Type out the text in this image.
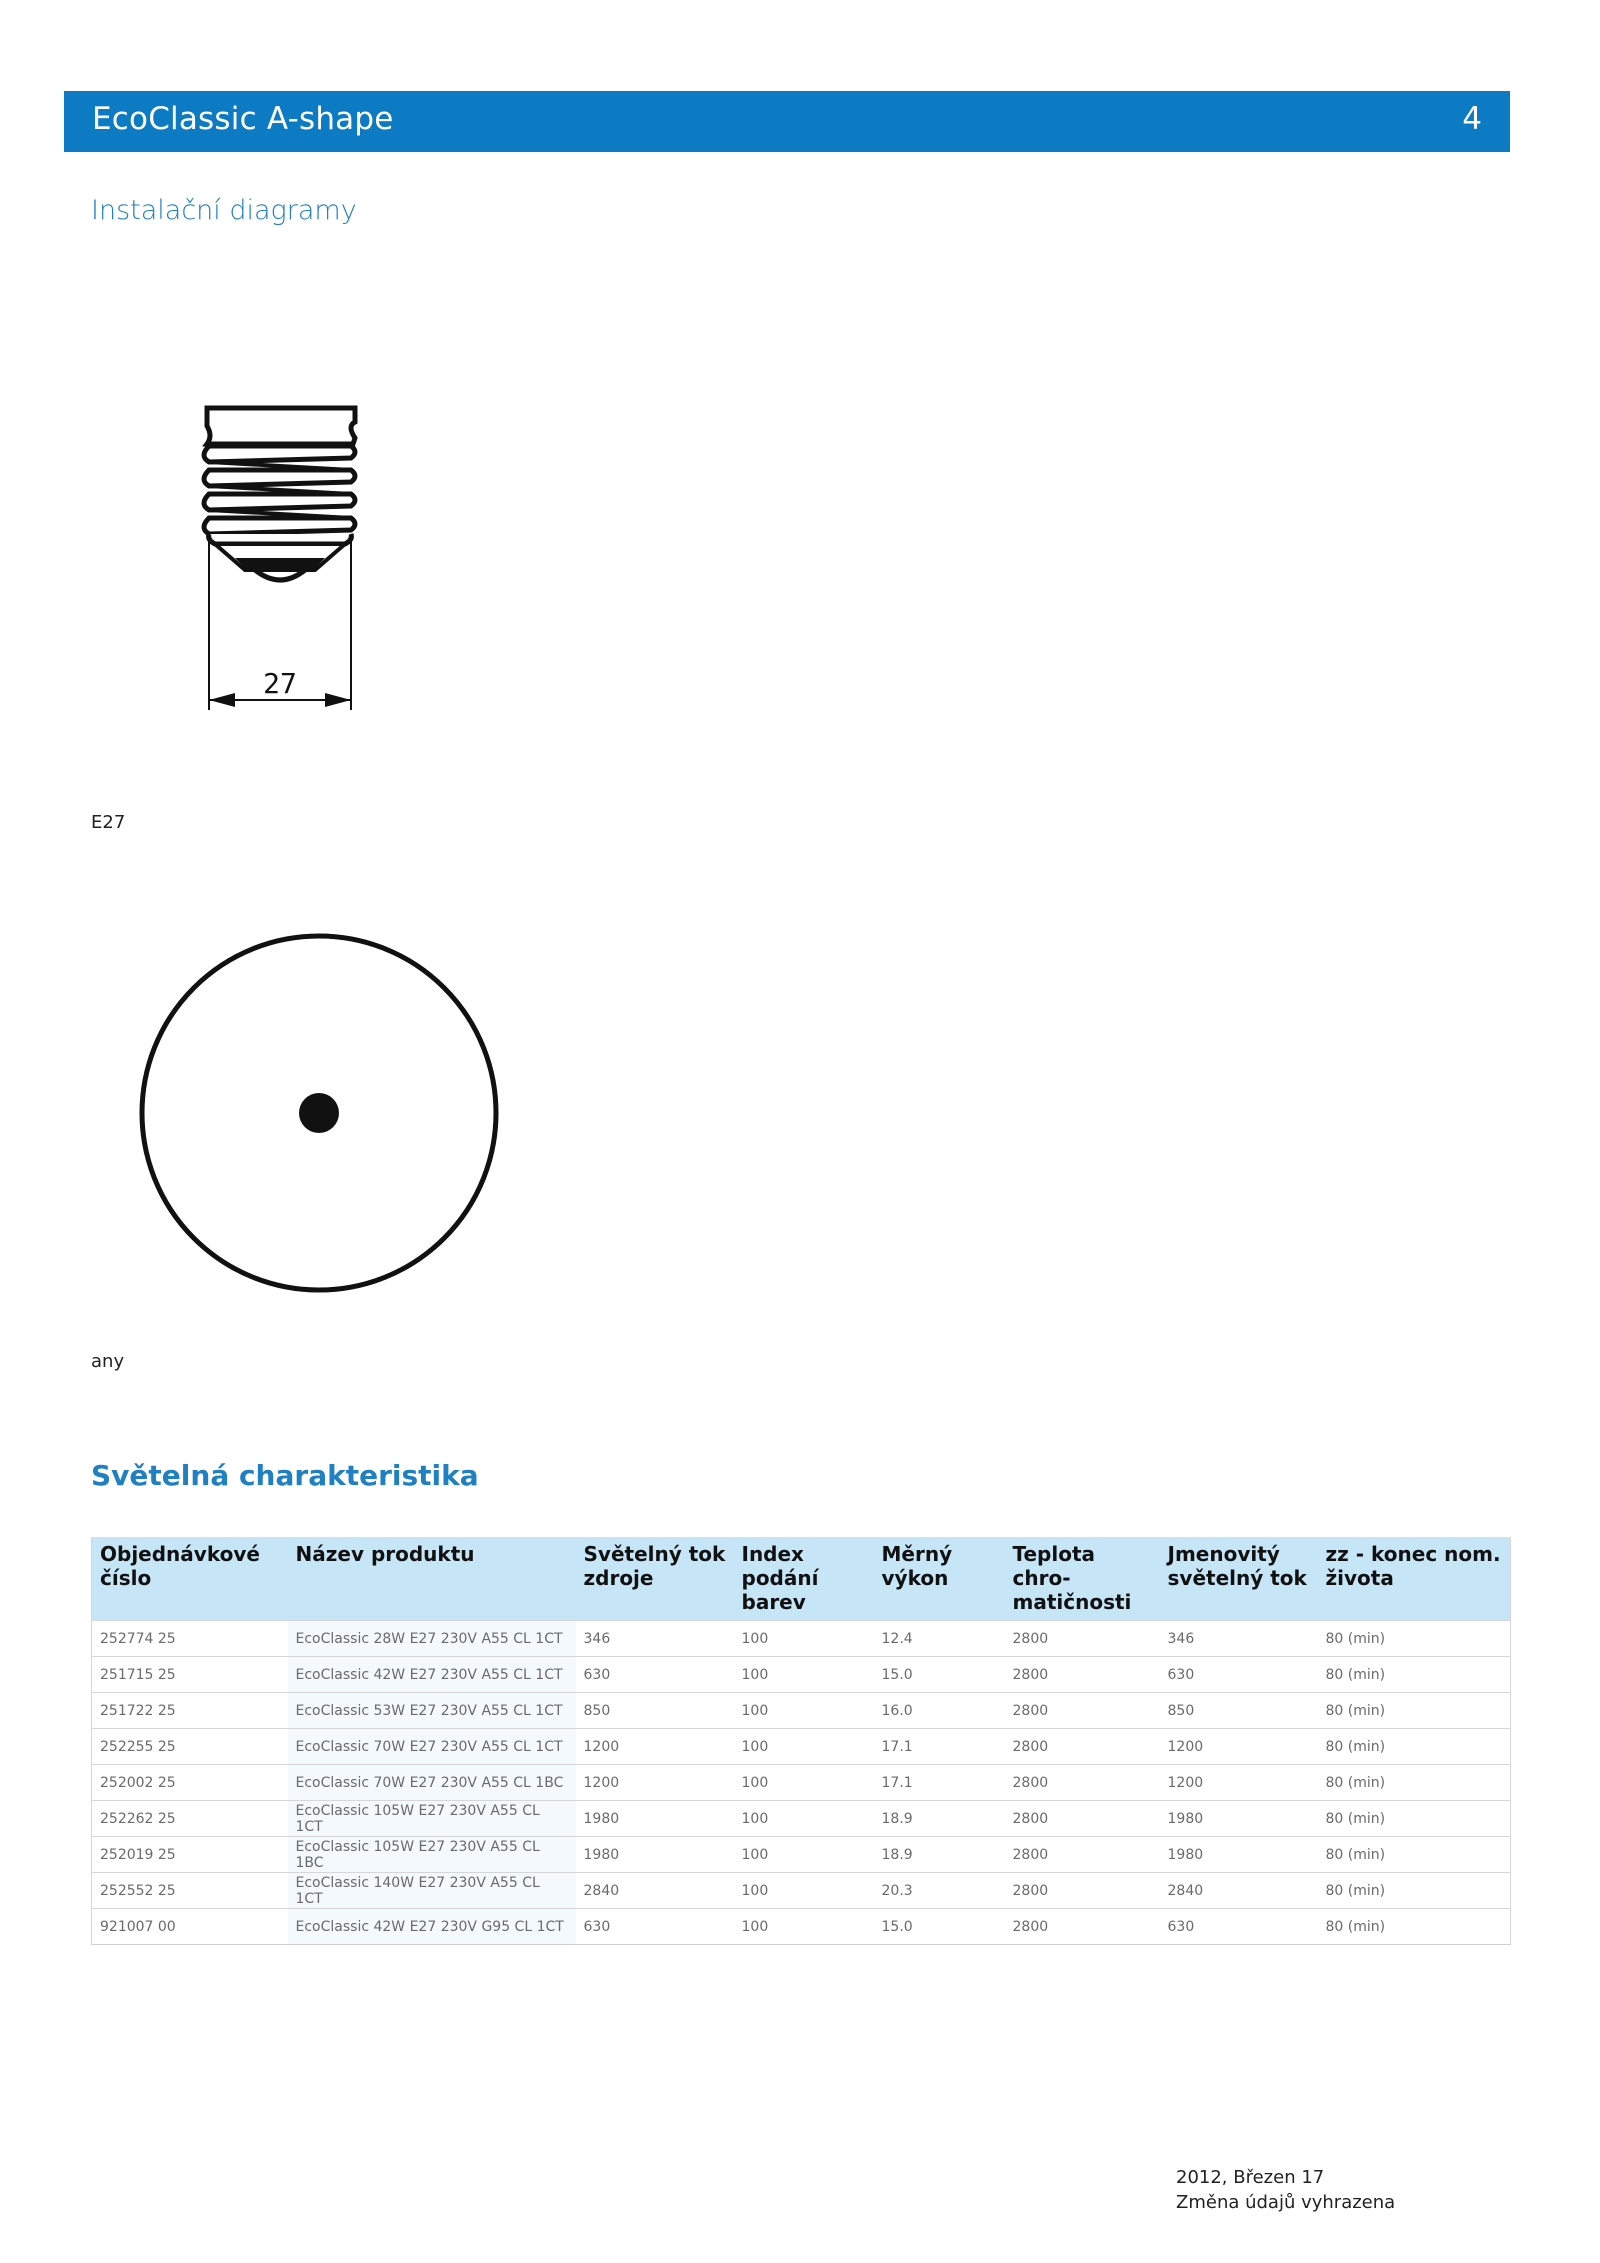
EcoClassic A-shape	4
Instalační diagramy
27
E27
any
Světelná charakteristika
Objednávkové číslo	Název produktu	Světelný tok zdroje	Index podání barev	Měrný výkon	Teplota chro-matičnosti	Jmenovitý světelný tok	zz - konec nom. života
252774 25	EcoClassic 28W E27 230V A55 CL 1CT	346	100	12.4	2800	346	80 (min)
251715 25	EcoClassic 42W E27 230V A55 CL 1CT	630	100	15.0	2800	630	80 (min)
251722 25	EcoClassic 53W E27 230V A55 CL 1CT	850	100	16.0	2800	850	80 (min)
252255 25	EcoClassic 70W E27 230V A55 CL 1CT	1200	100	17.1	2800	1200	80 (min)
252002 25	EcoClassic 70W E27 230V A55 CL 1BC	1200	100	17.1	2800	1200	80 (min)
252262 25	EcoClassic 105W E27 230V A55 CL 1CT	1980	100	18.9	2800	1980	80 (min)
252019 25	EcoClassic 105W E27 230V A55 CL 1BC	1980	100	18.9	2800	1980	80 (min)
252552 25	EcoClassic 140W E27 230V A55 CL 1CT	2840	100	20.3	2800	2840	80 (min)
921007 00	EcoClassic 42W E27 230V G95 CL 1CT	630	100	15.0	2800	630	80 (min)
2012, Březen 17
Změna údajů vyhrazena
